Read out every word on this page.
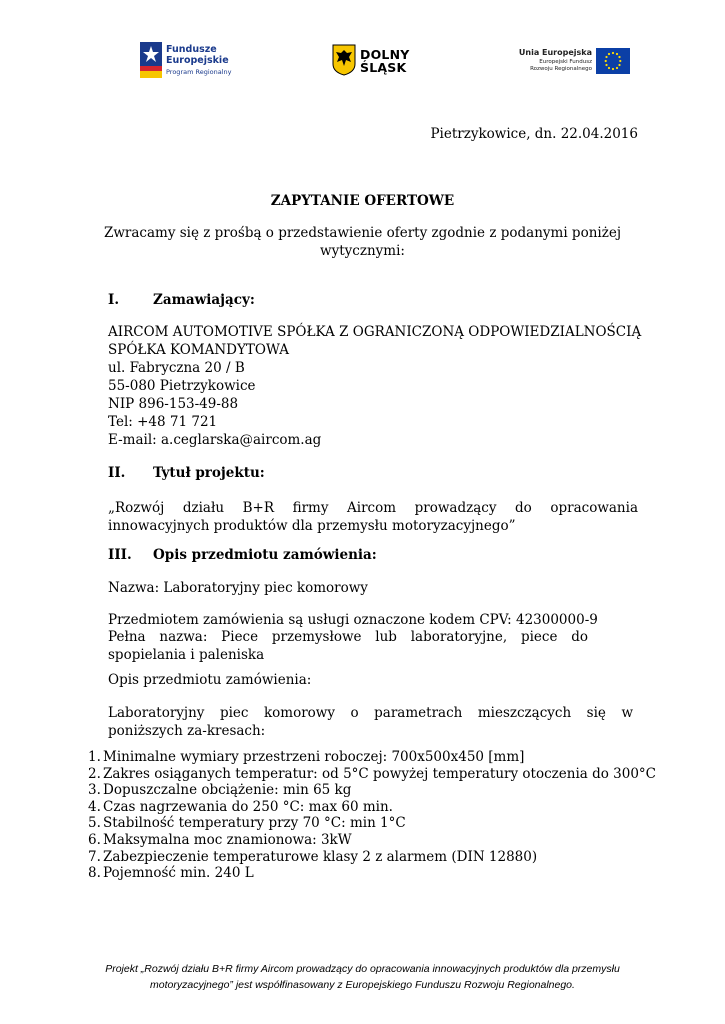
Fundusze
Europejskie
Program Regionalny
DOLNY
ŚLĄSK
Unia Europejska
Europejski Fundusz
Rozwoju Regionalnego
Pietrzykowice, dn. 22.04.2016
ZAPYTANIE OFERTOWE
Zwracamy się z prośbą o przedstawienie oferty zgodnie z podanymi poniżej
wytycznymi:
I.	Zamawiający:
AIRCOM AUTOMOTIVE SPÓŁKA Z OGRANICZONĄ ODPOWIEDZIALNOŚCIĄ
SPÓŁKA KOMANDYTOWA
ul. Fabryczna 20 / B
55-080 Pietrzykowice
NIP 896-153-49-88
Tel: +48 71 721
E-mail: a.ceglarska@aircom.ag
II. Tytuł projektu:
„Rozwój działu B+R firmy Aircom prowadzący do opracowania innowacyjnych produktów dla przemysłu motoryzacyjnego”
III. Opis przedmiotu zamówienia:
Nazwa: Laboratoryjny piec komorowy
Przedmiotem zamówienia są usługi oznaczone kodem CPV: 42300000-9
Pełna nazwa: Piece przemysłowe lub laboratoryjne, piece do spopielania i paleniska
Opis przedmiotu zamówienia:
Laboratoryjny piec komorowy o parametrach mieszczących się w poniższych za-kresach:
1. Minimalne wymiary przestrzeni roboczej: 700x500x450 [mm]
2. Zakres osiąganych temperatur: od 5°C powyżej temperatury otoczenia do 300°C
3. Dopuszczalne obciążenie: min 65 kg
4. Czas nagrzewania do 250 °C: max 60 min.
5. Stabilność temperatury przy 70 °C: min 1°C
6. Maksymalna moc znamionowa: 3kW
7. Zabezpieczenie temperaturowe klasy 2 z alarmem (DIN 12880)
8. Pojemność min. 240 L
Projekt „Rozwój działu B+R firmy Aircom prowadzący do opracowania innowacyjnych produktów dla przemysłu
motoryzacyjnego” jest współfinasowany z Europejskiego Funduszu Rozwoju Regionalnego.
